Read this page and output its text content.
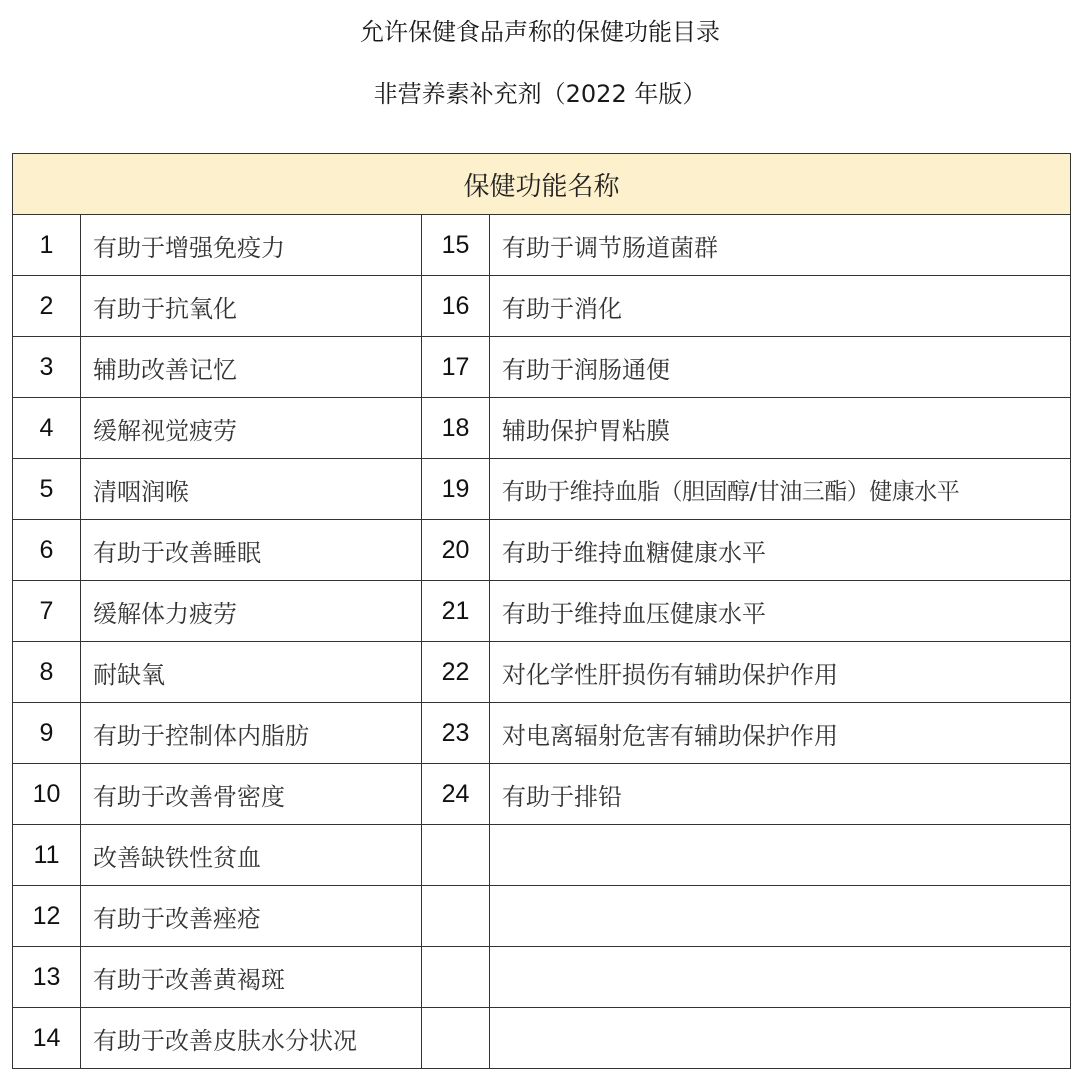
允许保健食品声称的保健功能目录
非营养素补充剂（2022 年版）
保健功能名称			
1	有助于增强免疫力	15	有助于调节肠道菌群
2	有助于抗氧化	16	有助于消化
3	辅助改善记忆	17	有助于润肠通便
4	缓解视觉疲劳	18	辅助保护胃粘膜
5	清咽润喉	19	有助于维持血脂（胆固醇/甘油三酯）健康水平
6	有助于改善睡眠	20	有助于维持血糖健康水平
7	缓解体力疲劳	21	有助于维持血压健康水平
8	耐缺氧	22	对化学性肝损伤有辅助保护作用
9	有助于控制体内脂肪	23	对电离辐射危害有辅助保护作用
10	有助于改善骨密度	24	有助于排铅
11	改善缺铁性贫血		
12	有助于改善痤疮		
13	有助于改善黄褐斑		
14	有助于改善皮肤水分状况		
